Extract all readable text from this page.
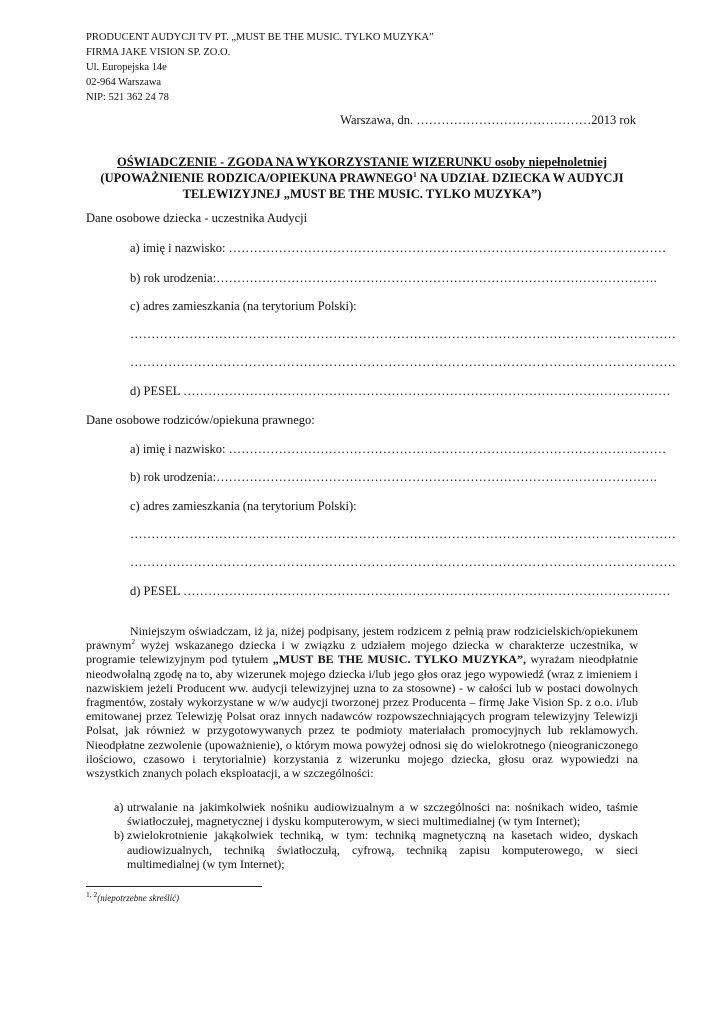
PRODUCENT AUDYCJI TV PT. „MUST BE THE MUSIC. TYLKO MUZYKA”
FIRMA JAKE VISION SP. ZO.O.
Ul. Europejska 14e
02-964 Warszawa
NIP: 521 362 24 78
Warszawa, dn. ……………………………………2013 rok
OŚWIADCZENIE - ZGODA NA WYKORZYSTANIE WIZERUNKU osoby niepełnoletniej
(UPOWAŻNIENIE RODZICA/OPIEKUNA PRAWNEGO$^1$ NA UDZIAŁ DZIECKA W AUDYCJI
TELEWIZYJNEJ „MUST BE THE MUSIC. TYLKO MUZYKA”)
Dane osobowe dziecka - uczestnika Audycji
a) imię i nazwisko: ……………………………………………………………………………………………
b) rok urodzenia:…………………………………………………………………………………………….
c) adres zamieszkania (na terytorium Polski):
…………………………………………………………………………………………………………………
…………………………………………………………………………………………………………………
d) PESEL ………………………………………………………………………………………………………
Dane osobowe rodziców/opiekuna prawnego:
a) imię i nazwisko: ……………………………………………………………………………………………
b) rok urodzenia:…………………………………………………………………………………………….
c) adres zamieszkania (na terytorium Polski):
…………………………………………………………………………………………………………………
…………………………………………………………………………………………………………………
d) PESEL ………………………………………………………………………………………………………
Niniejszym oświadczam, iż ja, niżej podpisany, jestem rodzicem z pełnią praw rodzicielskich/opiekunem prawnym$^2$ wyżej wskazanego dziecka i w związku z udziałem mojego dziecka w charakterze uczestnika, w programie telewizyjnym pod tytułem „MUST BE THE MUSIC. TYLKO MUZYKA”, wyrażam nieodpłatnie nieodwołalną zgodę na to, aby wizerunek mojego dziecka i/lub jego głos oraz jego wypowiedź (wraz z imieniem i nazwiskiem jeżeli Producent ww. audycji telewizyjnej uzna to za stosowne) - w całości lub w postaci dowolnych fragmentów, zostały wykorzystane w w/w audycji tworzonej przez Producenta – firmę Jake Vision Sp. z o.o. i/lub emitowanej przez Telewizję Polsat oraz innych nadawców rozpowszechniających program telewizyjny Telewizji Polsat, jak również w przygotowywanych przez te podmioty materiałach promocyjnych lub reklamowych. Nieodpłatne zezwolenie (upoważnienie), o którym mowa powyżej odnosi się do wielokrotnego (nieograniczonego ilościowo, czasowo i terytorialnie) korzystania z wizerunku mojego dziecka, głosu oraz wypowiedzi na wszystkich znanych polach eksploatacji, a w szczególności:
a) utrwalanie na jakimkolwiek nośniku audiowizualnym a w szczególności na: nośnikach wideo, taśmie światłoczułej, magnetycznej i dysku komputerowym, w sieci multimedialnej (w tym Internet);
b) zwielokrotnienie jakąkolwiek techniką, w tym: techniką magnetyczną na kasetach wideo, dyskach audiowizualnych, techniką światłoczułą, cyfrową, techniką zapisu komputerowego, w sieci multimedialnej (w tym Internet);
$^{1, 2}$(niepotrzebne skreślić)
